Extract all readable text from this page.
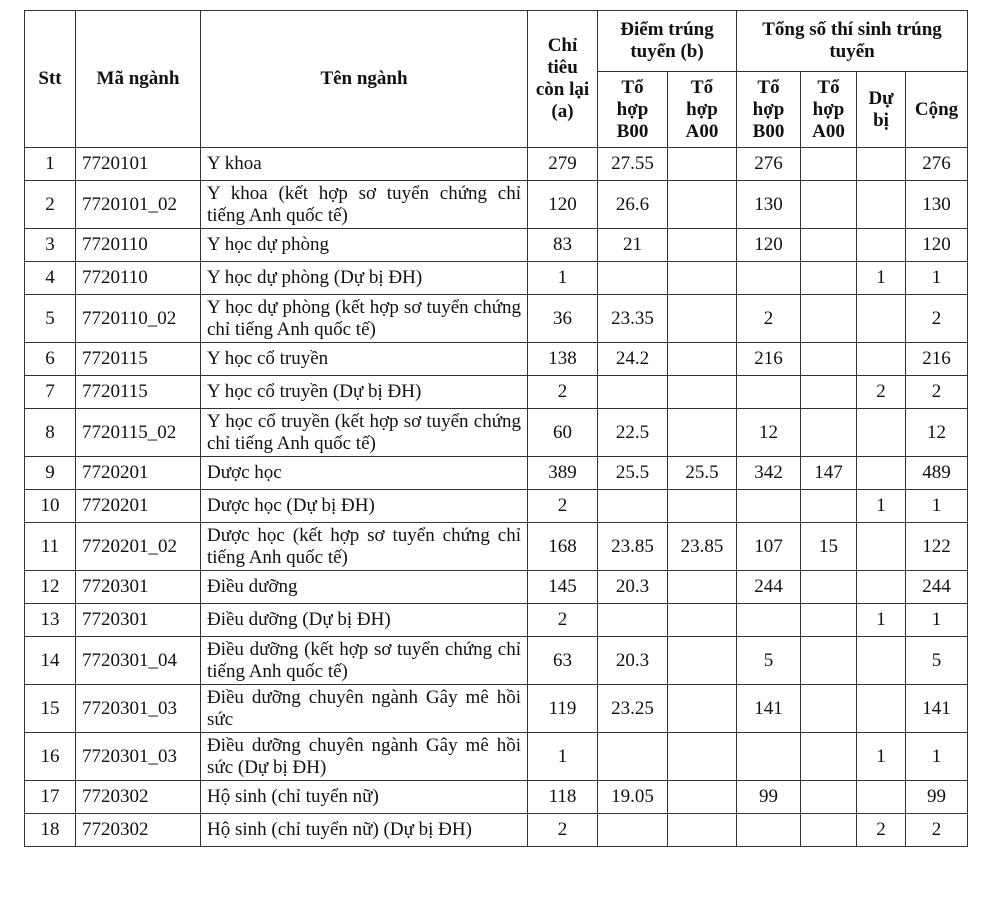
Stt	Mã ngành	Tên ngành	Chỉ tiêu còn lại (a)	Điểm trúng tuyển (b)		Tổng số thí sinh trúng tuyển			
				Tổ hợp B00	Tổ hợp A00	Tổ hợp B00	Tổ hợp A00	Dự bị	Cộng
1	7720101	Y khoa	279	27.55		276			276
2	7720101_02	Y khoa (kết hợp sơ tuyển chứng chỉ tiếng Anh quốc tế)	120	26.6		130			130
3	7720110	Y học dự phòng	83	21		120			120
4	7720110	Y học dự phòng (Dự bị ĐH)	1					1	1
5	7720110_02	Y học dự phòng (kết hợp sơ tuyển chứng chỉ tiếng Anh quốc tế)	36	23.35		2			2
6	7720115	Y học cổ truyền	138	24.2		216			216
7	7720115	Y học cổ truyền (Dự bị ĐH)	2					2	2
8	7720115_02	Y học cổ truyền (kết hợp sơ tuyển chứng chỉ tiếng Anh quốc tế)	60	22.5		12			12
9	7720201	Dược học	389	25.5	25.5	342	147		489
10	7720201	Dược học (Dự bị ĐH)	2					1	1
11	7720201_02	Dược học (kết hợp sơ tuyển chứng chỉ tiếng Anh quốc tế)	168	23.85	23.85	107	15		122
12	7720301	Điều dưỡng	145	20.3		244			244
13	7720301	Điều dưỡng (Dự bị ĐH)	2					1	1
14	7720301_04	Điều dưỡng (kết hợp sơ tuyển chứng chỉ tiếng Anh quốc tế)	63	20.3		5			5
15	7720301_03	Điều dưỡng chuyên ngành Gây mê hồi sức	119	23.25		141			141
16	7720301_03	Điều dưỡng chuyên ngành Gây mê hồi sức (Dự bị ĐH)	1					1	1
17	7720302	Hộ sinh (chỉ tuyển nữ)	118	19.05		99			99
18	7720302	Hộ sinh (chỉ tuyển nữ) (Dự bị ĐH)	2					2	2
